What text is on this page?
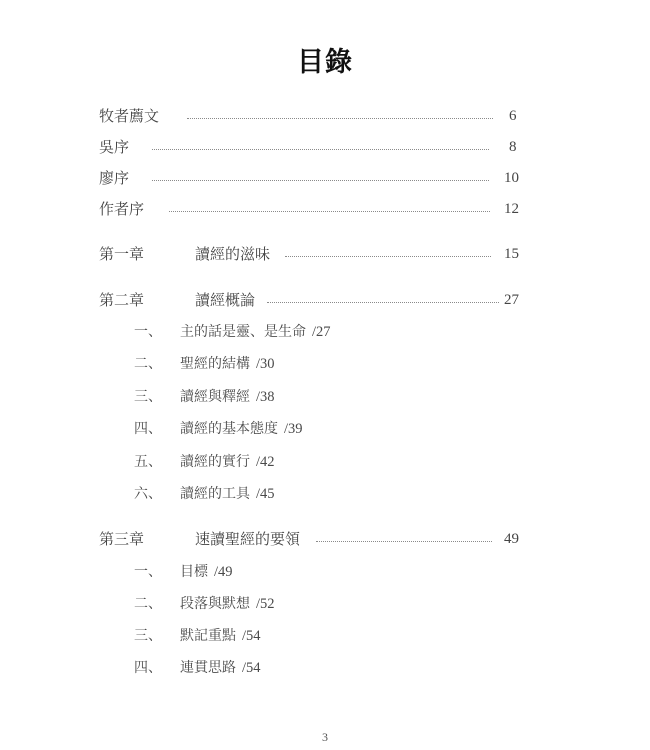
目錄
牧者薦文	6
吳序	8
廖序	10
作者序	12
第一章	讀經的滋味	15
第二章	讀經概論	27
一、 主的話是靈、是生命 /27
二、 聖經的結構 /30
三、 讀經與釋經 /38
四、 讀經的基本態度 /39
五、 讀經的實行 /42
六、 讀經的工具 /45
第三章	速讀聖經的要領	49
一、 目標 /49
二、 段落與默想 /52
三、 默記重點 /54
四、 連貫思路 /54
3
